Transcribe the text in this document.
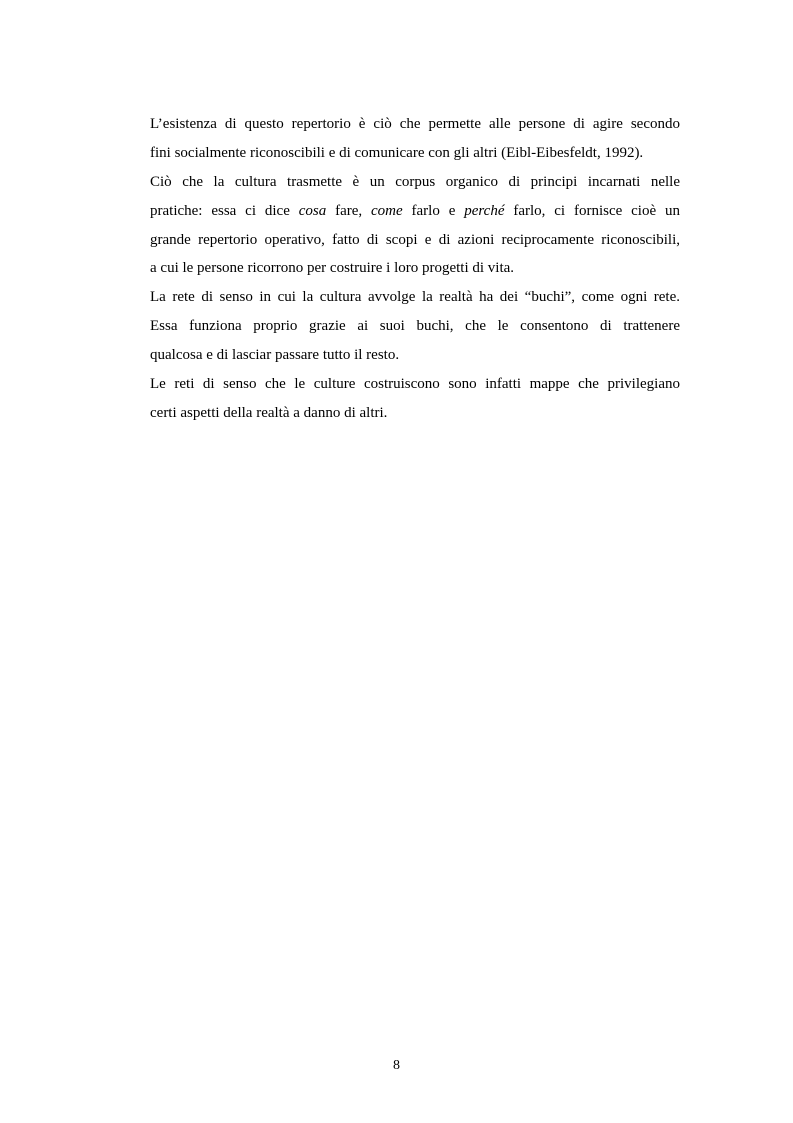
L’esistenza di questo repertorio è ciò che permette alle persone di agire secondo
fini socialmente riconoscibili e di comunicare con gli altri (Eibl-Eibesfeldt, 1992).
Ciò che la cultura trasmette è un corpus organico di principi incarnati nelle
pratiche: essa ci dice cosa fare, come farlo e perché farlo, ci fornisce cioè un
grande repertorio operativo, fatto di scopi e di azioni reciprocamente riconoscibili,
a cui le persone ricorrono per costruire i loro progetti di vita.
La rete di senso in cui la cultura avvolge la realtà ha dei “buchi”, come ogni rete.
Essa funziona proprio grazie ai suoi buchi, che le consentono di trattenere
qualcosa e di lasciar passare tutto il resto.
Le reti di senso che le culture costruiscono sono infatti mappe che privilegiano
certi aspetti della realtà a danno di altri.
8
